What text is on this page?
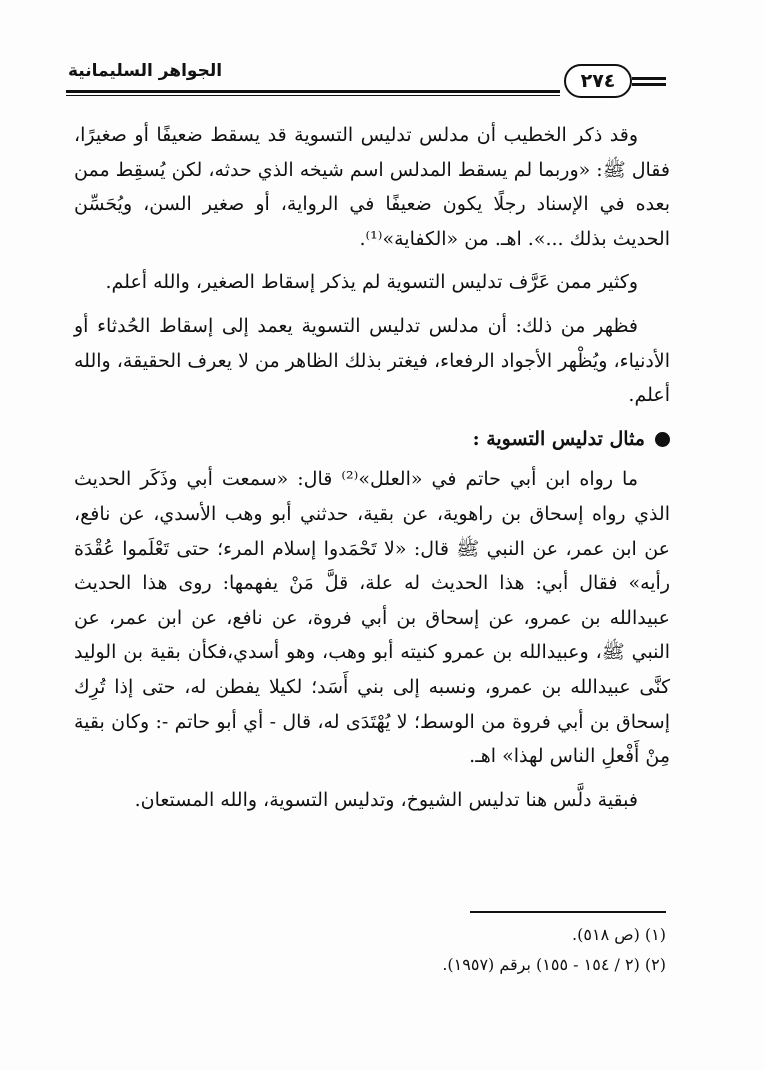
الجواهر السليمانية	٢٧٤

وقد ذكر الخطيب أن مدلس تدليس التسوية قد يسقط ضعيفًا أو صغيرًا، فقال ﷺ: «وربما لم يسقط المدلس اسم شيخه الذي حدثه، لكن يُسقِط ممن بعده في الإسناد رجلًا يكون ضعيفًا في الرواية، أو صغير السن، ويُحَسِّن الحديث بذلك ...». اهـ. من «الكفاية»⁽¹⁾.

وكثير ممن عَرَّف تدليس التسوية لم يذكر إسقاط الصغير، والله أعلم.

فظهر من ذلك: أن مدلس تدليس التسوية يعمد إلى إسقاط الحُدثاء أو الأدنياء، ويُظْهر الأجواد الرفعاء، فيغتر بذلك الظاهر من لا يعرف الحقيقة، والله أعلم.

مثال تدليس التسوية :

ما رواه ابن أبي حاتم في «العلل»⁽²⁾ قال: «سمعت أبي وذَكَر الحديث الذي رواه إسحاق بن راهوية، عن بقية، حدثني أبو وهب الأسدي، عن نافع، عن ابن عمر، عن النبي ﷺ قال: «لا تَحْمَدوا إسلام المرء؛ حتى تَعْلَموا عُقْدَة رأيه» فقال أبي: هذا الحديث له علة، قلَّ مَنْ يفهمها: روى هذا الحديث عبيدالله بن عمرو، عن إسحاق بن أبي فروة، عن نافع، عن ابن عمر، عن النبي ﷺ، وعبيدالله بن عمرو كنيته أبو وهب، وهو أسدي،فكأن بقية بن الوليد كنَّى عبيدالله بن عمرو، ونسبه إلى بني أَسَد؛ لكيلا يفطن له، حتى إذا تُرِك إسحاق بن أبي فروة من الوسط؛ لا يُهْتَدَى له، قال - أي أبو حاتم -: وكان بقية مِنْ أَفْعلِ الناس لهذا» اهـ.

فبقية دلَّس هنا تدليس الشيوخ، وتدليس التسوية، والله المستعان.

(١) (ص ٥١٨).
(٢) (٢ / ١٥٤ - ١٥٥) برقم (١٩٥٧).
